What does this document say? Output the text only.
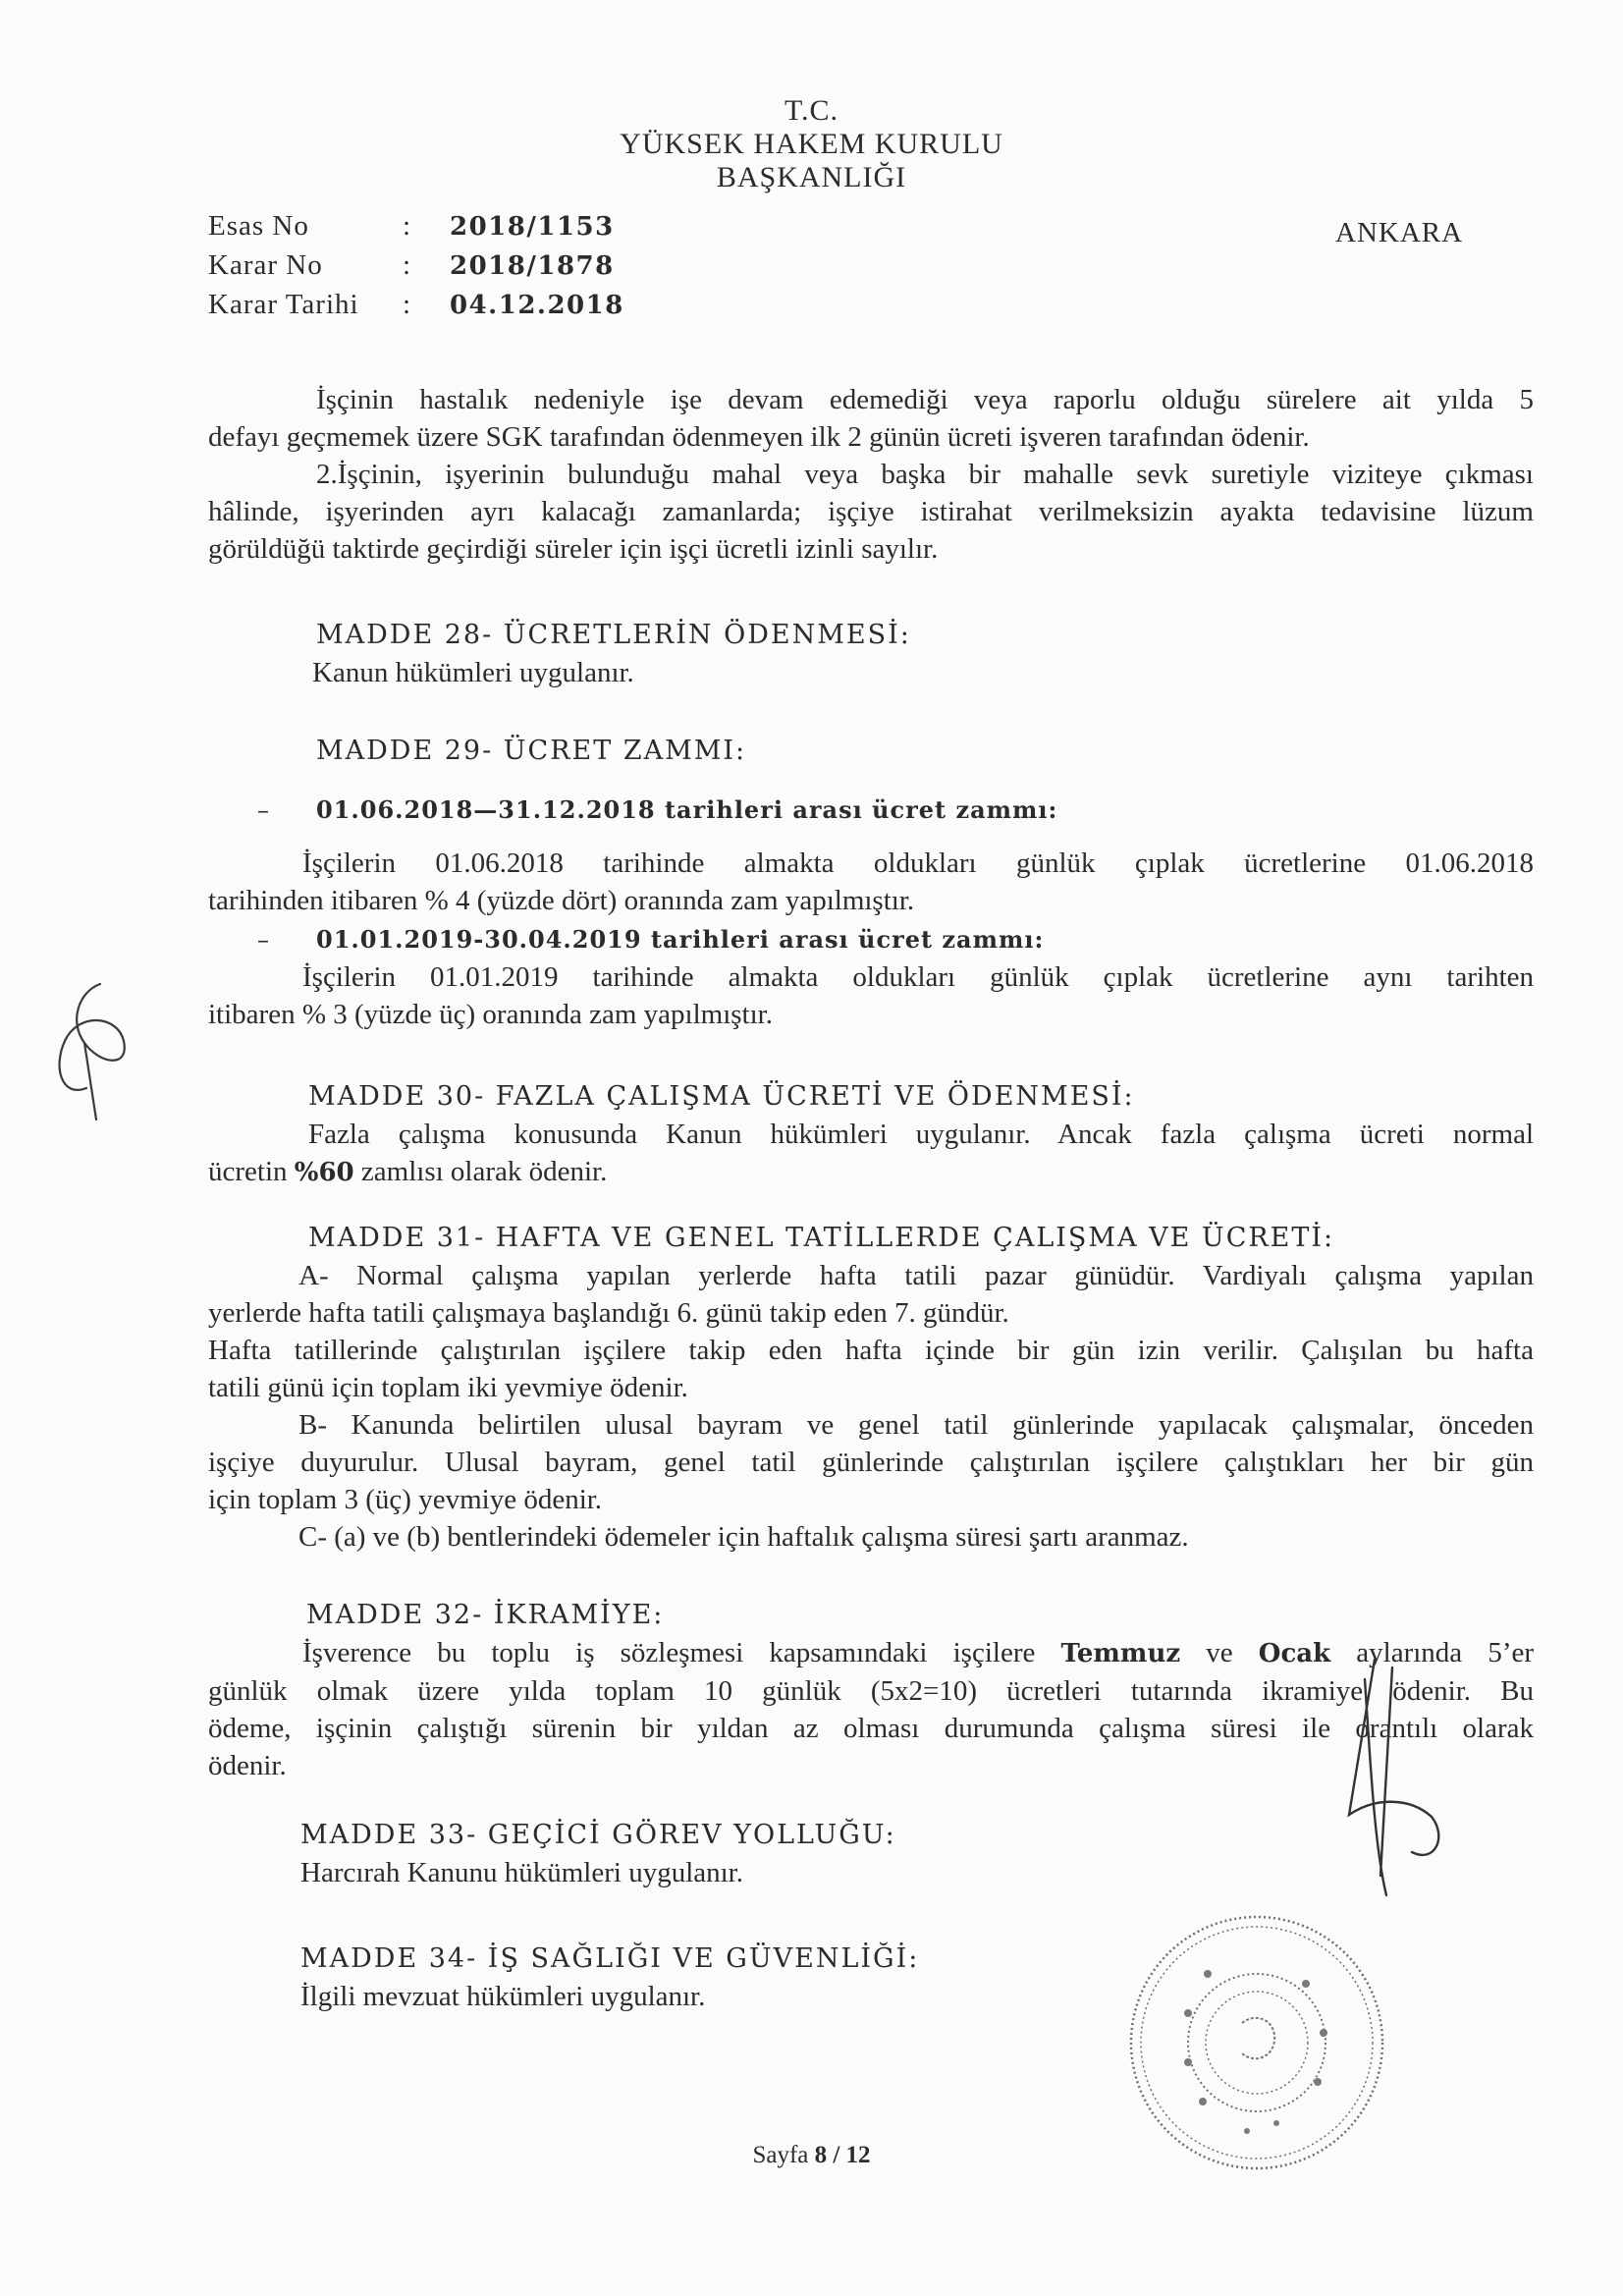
T.C.
YÜKSEK HAKEM KURULU
BAŞKANLIĞI
Esas No	: 2018/1153
Karar No	: 2018/1878
Karar Tarihi : 04.12.2018
ANKARA

İşçinin hastalık nedeniyle işe devam edemediği veya raporlu olduğu sürelere ait yılda 5

defayı geçmemek üzere SGK tarafından ödenmeyen ilk 2 günün ücreti işveren tarafından ödenir.

2.İşçinin, işyerinin bulunduğu mahal veya başka bir mahalle sevk suretiyle viziteye çıkması

hâlinde, işyerinden ayrı kalacağı zamanlarda; işçiye istirahat verilmeksizin ayakta tedavisine lüzum

görüldüğü taktirde geçirdiği süreler için işçi ücretli izinli sayılır.

MADDE 28- ÜCRETLERİN ÖDENMESİ:

Kanun hükümleri uygulanır.

MADDE 29- ÜCRET ZAMMI:
– 01.06.2018—31.12.2018 tarihleri arası ücret zammı:

İşçilerin 01.06.2018 tarihinde almakta oldukları günlük çıplak ücretlerine 01.06.2018

tarihinden itibaren % 4 (yüzde dört) oranında zam yapılmıştır.

– 01.01.2019-30.04.2019 tarihleri arası ücret zammı:

İşçilerin 01.01.2019 tarihinde almakta oldukları günlük çıplak ücretlerine aynı tarihten

itibaren % 3 (yüzde üç) oranında zam yapılmıştır.

MADDE 30- FAZLA ÇALIŞMA ÜCRETİ VE ÖDENMESİ:

Fazla çalışma konusunda Kanun hükümleri uygulanır. Ancak fazla çalışma ücreti normal

ücretin %60 zamlısı olarak ödenir.

MADDE 31- HAFTA VE GENEL TATİLLERDE ÇALIŞMA VE ÜCRETİ:

A- Normal çalışma yapılan yerlerde hafta tatili pazar günüdür. Vardiyalı çalışma yapılan

yerlerde hafta tatili çalışmaya başlandığı 6. günü takip eden 7. gündür.

Hafta tatillerinde çalıştırılan işçilere takip eden hafta içinde bir gün izin verilir. Çalışılan bu hafta

tatili günü için toplam iki yevmiye ödenir.

B- Kanunda belirtilen ulusal bayram ve genel tatil günlerinde yapılacak çalışmalar, önceden

işçiye duyurulur. Ulusal bayram, genel tatil günlerinde çalıştırılan işçilere çalıştıkları her bir gün

için toplam 3 (üç) yevmiye ödenir.

C- (a) ve (b) bentlerindeki ödemeler için haftalık çalışma süresi şartı aranmaz.

MADDE 32- İKRAMİYE:

İşverence bu toplu iş sözleşmesi kapsamındaki işçilere Temmuz ve Ocak aylarında 5’er

günlük olmak üzere yılda toplam 10 günlük (5x2=10) ücretleri tutarında ikramiye ödenir. Bu

ödeme, işçinin çalıştığı sürenin bir yıldan az olması durumunda çalışma süresi ile orantılı olarak

ödenir.

MADDE 33- GEÇİCİ GÖREV YOLLUĞU:

Harcırah Kanunu hükümleri uygulanır.

MADDE 34- İŞ SAĞLIĞI VE GÜVENLİĞİ:

İlgili mevzuat hükümleri uygulanır.

Sayfa 8 / 12
